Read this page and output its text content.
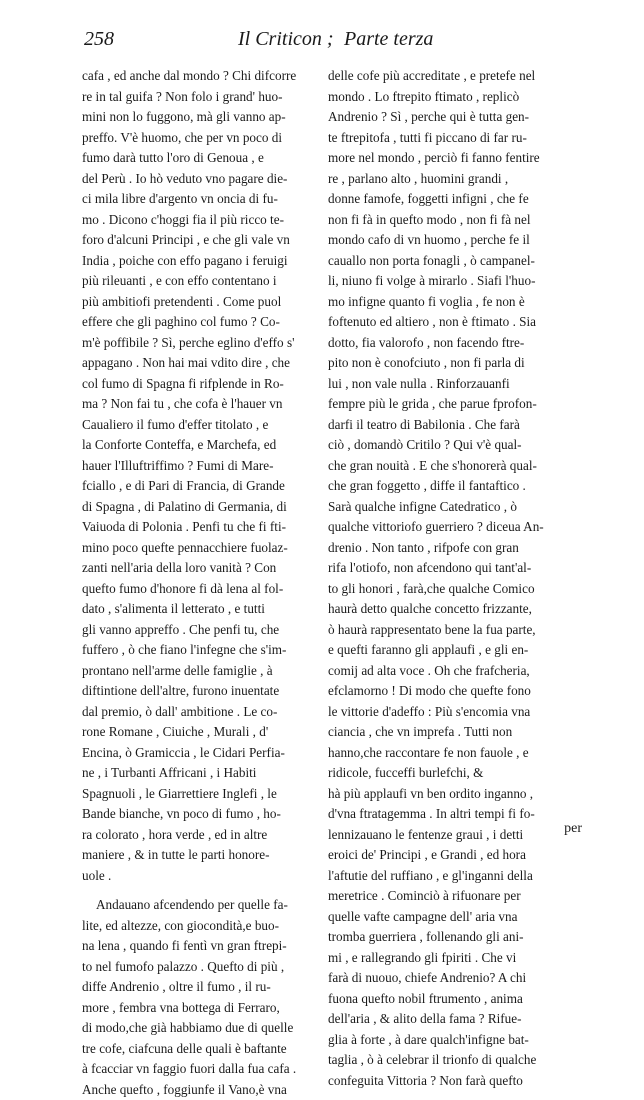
258	Il Criticon ; Parte terza
cafa , ed anche dal mondo ? Chi difcorre
re in tal guifa ? Non folo i grand' huo-
mini non lo fuggono, mà gli vanno ap-
preffo. V'è huomo, che per vn poco di
fumo darà tutto l'oro di Genoua , e
del Perù . Io hò veduto vno pagare die-
ci mila libre d'argento vn oncia di fu-
mo . Dicono c'hoggi fia il più ricco te-
foro d'alcuni Principi , e che gli vale vn
India , poiche con effo pagano i feruigi
più rileuanti , e con effo contentano i
più ambitiofi pretendenti . Come puol
effere che gli paghino col fumo ? Co-
m'è poffibile ? Sì, perche eglino d'effo s'
appagano . Non hai mai vdito dire , che
col fumo di Spagna fi rifplende in Ro-
ma ? Non fai tu , che cofa è l'hauer vn
Caualiero il fumo d'effer titolato , e
la Conforte Conteffa, e Marchefa, ed
hauer l'Illuftriffimo ? Fumi di Mare-
fciallo , e di Pari di Francia, di Grande
di Spagna , di Palatino di Germania, di
Vaiuoda di Polonia . Penfi tu che fi fti-
mino poco quefte pennacchiere fuolaz-
zanti nell'aria della loro vanità ? Con
quefto fumo d'honore fi dà lena al fol-
dato , s'alimenta il letterato , e tutti
gli vanno appreffo . Che penfi tu, che
fuffero , ò che fiano l'infegne che s'im-
prontano nell'arme delle famiglie , à
diftintione dell'altre, furono inuentate
dal premio, ò dall' ambitione . Le co-
rone Romane , Ciuiche , Murali , d'
Encina, ò Gramiccia , le Cidari Perfia-
ne , i Turbanti Affricani , i Habiti
Spagnuoli , le Giarrettiere Inglefi , le
Bande bianche, vn poco di fumo , ho-
ra colorato , hora verde , ed in altre
maniere , & in tutte le parti honore-
uole .
Andauano afcendendo per quelle fa-
lite, ed altezze, con giocondità,e buo-
na lena , quando fi fentì vn gran ftrepi-
to nel fumofo palazzo . Quefto di più ,
diffe Andrenio , oltre il fumo , il ru-
more , fembra vna bottega di Ferraro,
di modo,che già habbiamo due di quelle
tre cofe, ciafcuna delle quali è baftante
à fcacciar vn faggio fuori dalla fua cafa .
Anche quefto , foggiunfe il Vano,è vna
delle cofe più accreditate , e pretefe nel
mondo . Lo ftrepito ftimato , replicò
Andrenio ? Sì , perche qui è tutta gen-
te ftrepitofa , tutti fi piccano di far ru-
more nel mondo , perciò fi fanno fentire
re , parlano alto , huomini grandi ,
donne famofe, foggetti infigni , che fe
non fi fà in quefto modo , non fi fà nel
mondo cafo di vn huomo , perche fe il
cauallo non porta fonagli , ò campanel-
li, niuno fi volge à mirarlo . Siafi l'huo-
mo infigne quanto fi voglia , fe non è
foftenuto ed altiero , non è ftimato . Sia
dotto, fia valorofo , non facendo ftre-
pito non è conofciuto , non fi parla di
lui , non vale nulla . Rinforzauanfi
fempre più le grida , che parue fprofon-
darfi il teatro di Babilonia . Che farà
ciò , domandò Critilo ? Qui v'è qual-
che gran nouità . E che s'honorerà qual-
che gran foggetto , diffe il fantaftico .
Sarà qualche infigne Catedratico , ò
qualche vittoriofo guerriero ? diceua An-
drenio . Non tanto , rifpofe con gran
rifa l'otiofo, non afcendono qui tant'al-
to gli honori , farà,che qualche Comico
haurà detto qualche concetto frizzante,
ò haurà rappresentato bene la fua parte,
e quefti faranno gli applaufi , e gli en-
comij ad alta voce . Oh che frafcheria,
efclamorno ! Di modo che quefte fono
le vittorie d'adeffo : Più s'encomia vna
ciancia , che vn imprefa . Tutti non
hanno,che raccontare fe non fauole , e
ridicole, fucceffi burlefchi, &
hà più applaufi vn ben ordito inganno ,
d'vna ftratagemma . In altri tempi fi fo-
lennizauano le fentenze graui , i detti
eroici de' Principi , e Grandi , ed hora
l'aftutie del ruffiano , e gl'inganni della
meretrice . Cominciò à rifuonare per
quelle vafte campagne dell' aria vna
tromba guerriera , follenando gli ani-
mi , e rallegrando gli fpiriti . Che vi
farà di nuouo, chiefe Andrenio? A chi
fuona quefto nobil ftrumento , anima
dell'aria , & alito della fama ? Rifue-
glia à forte , à dare qualch'infigne bat-
taglia , ò à celebrar il trionfo di qualche
confeguita Vittoria ? Non farà quefto
per
